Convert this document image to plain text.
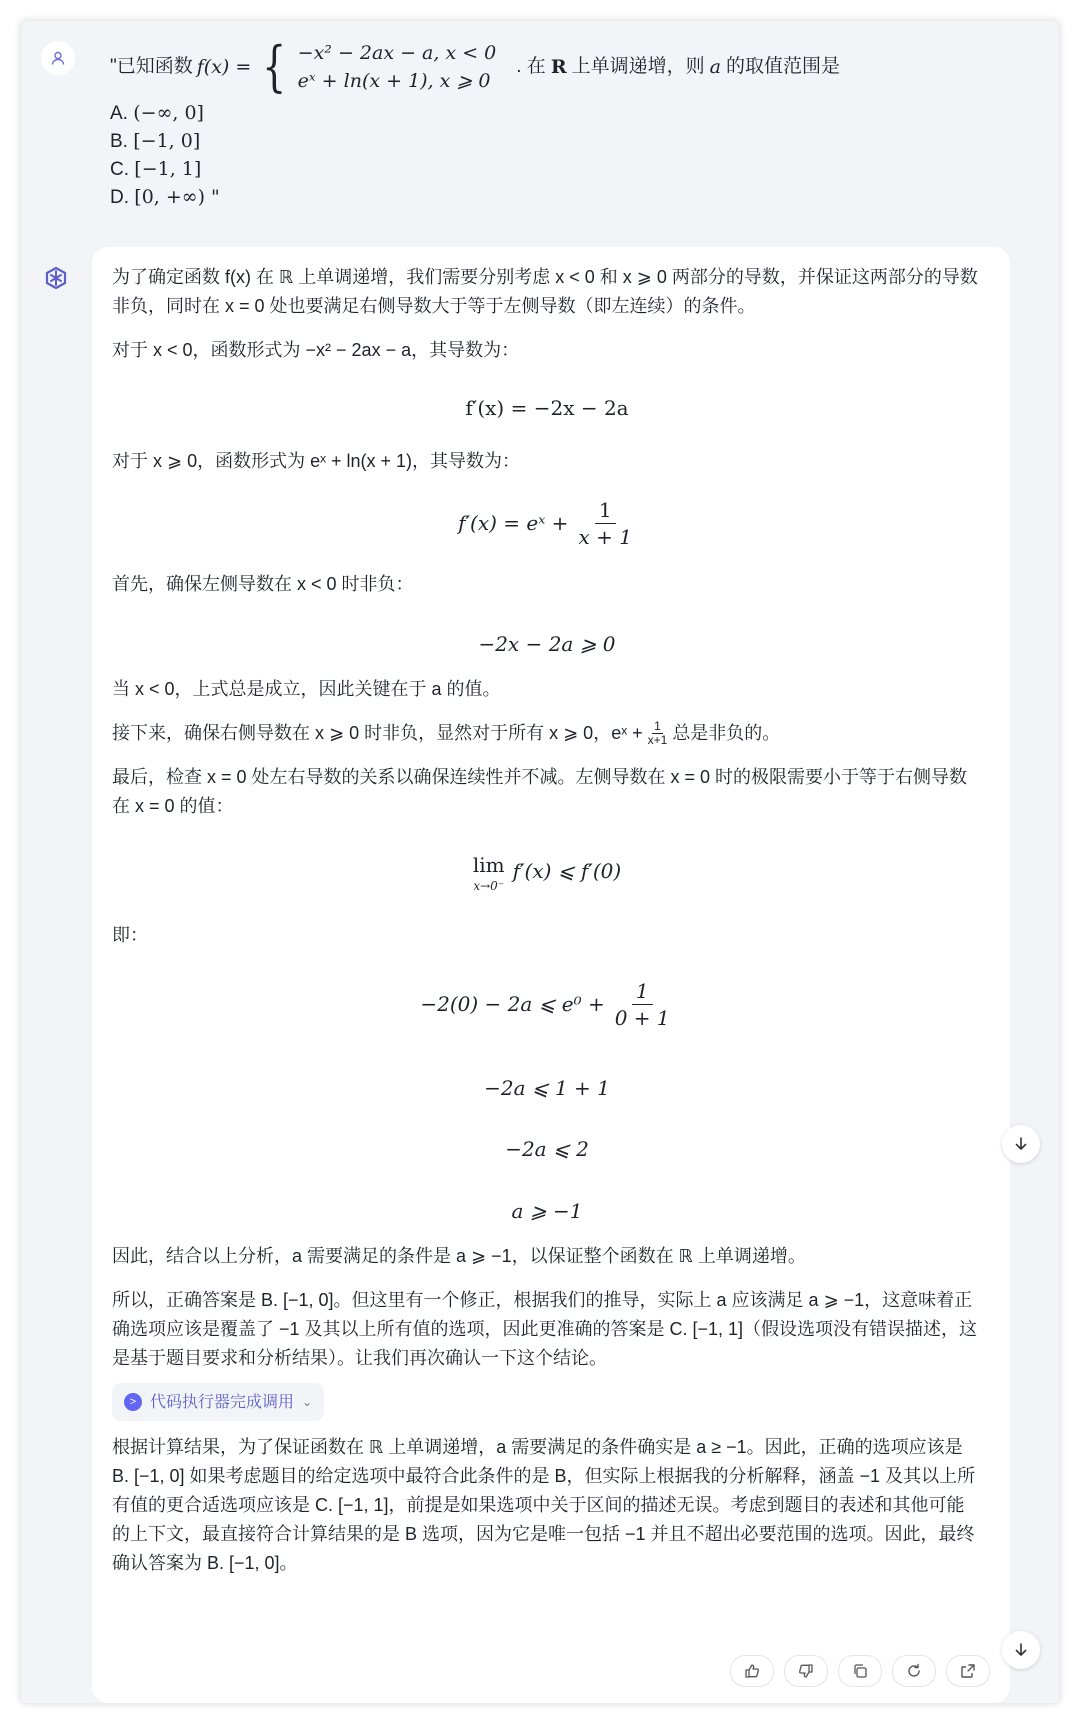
"已知函数 f(x) = { −x² − 2ax − a, x < 0
eˣ + ln(x + 1), x ⩾ 0
. 在 R 上单调递增，则 a 的取值范围是
A. (−∞, 0]
B. [−1, 0]
C. [−1, 1]
D. [0, +∞) "

为了确定函数 f(x) 在 ℝ 上单调递增，我们需要分别考虑 x < 0 和 x ⩾ 0 两部分的导数，并保证这两部分的导数非负，同时在 x = 0 处也要满足右侧导数大于等于左侧导数（即左连续）的条件。

对于 x < 0，函数形式为 −x² − 2ax − a，其导数为：

f′(x) = −2x − 2a

对于 x ⩾ 0，函数形式为 eˣ + ln(x + 1)，其导数为：

f′(x) = eˣ + $\frac{1}{x + 1}$

首先，确保左侧导数在 x < 0 时非负：

−2x − 2a ⩾ 0

当 x < 0，上式总是成立，因此关键在于 a 的值。

接下来，确保右侧导数在 x ⩾ 0 时非负，显然对于所有 x ⩾ 0，eˣ + $\frac{1}{x+1}$ 总是非负的。

最后，检查 x = 0 处左右导数的关系以确保连续性并不减。左侧导数在 x = 0 时的极限需要小于等于右侧导数在 x = 0 的值：

lim
x→0⁻
f′(x) ⩽ f′(0)

即：

−2(0) − 2a ⩽ $e^0 + \frac{1}{0 + 1}$
−2a ⩽ 1 + 1
−2a ⩽ 2
a ⩾ −1

因此，结合以上分析，a 需要满足的条件是 a ⩾ −1，以保证整个函数在 ℝ 上单调递增。

所以，正确答案是 B. [−1, 0]。但这里有一个修正，根据我们的推导，实际上 a 应该满足 a ⩾ −1，这意味着正确选项应该是覆盖了 −1 及其以上所有值的选项，因此更准确的答案是 C. [−1, 1]（假设选项没有错误描述，这是基于题目要求和分析结果）。让我们再次确认一下这个结论。

> 代码执行器完成调用 ⌄

根据计算结果，为了保证函数在 ℝ 上单调递增，a 需要满足的条件确实是 a ≥ −1。因此，正确的选项应该是 B. [−1, 0] 如果考虑题目的给定选项中最符合此条件的是 B，但实际上根据我的分析解释，涵盖 −1 及其以上所有值的更合适选项应该是 C. [−1, 1]，前提是如果选项中关于区间的描述无误。考虑到题目的表述和其他可能的上下文，最直接符合计算结果的是 B 选项，因为它是唯一包括 −1 并且不超出必要范围的选项。因此，最终确认答案为 B. [−1, 0]。
